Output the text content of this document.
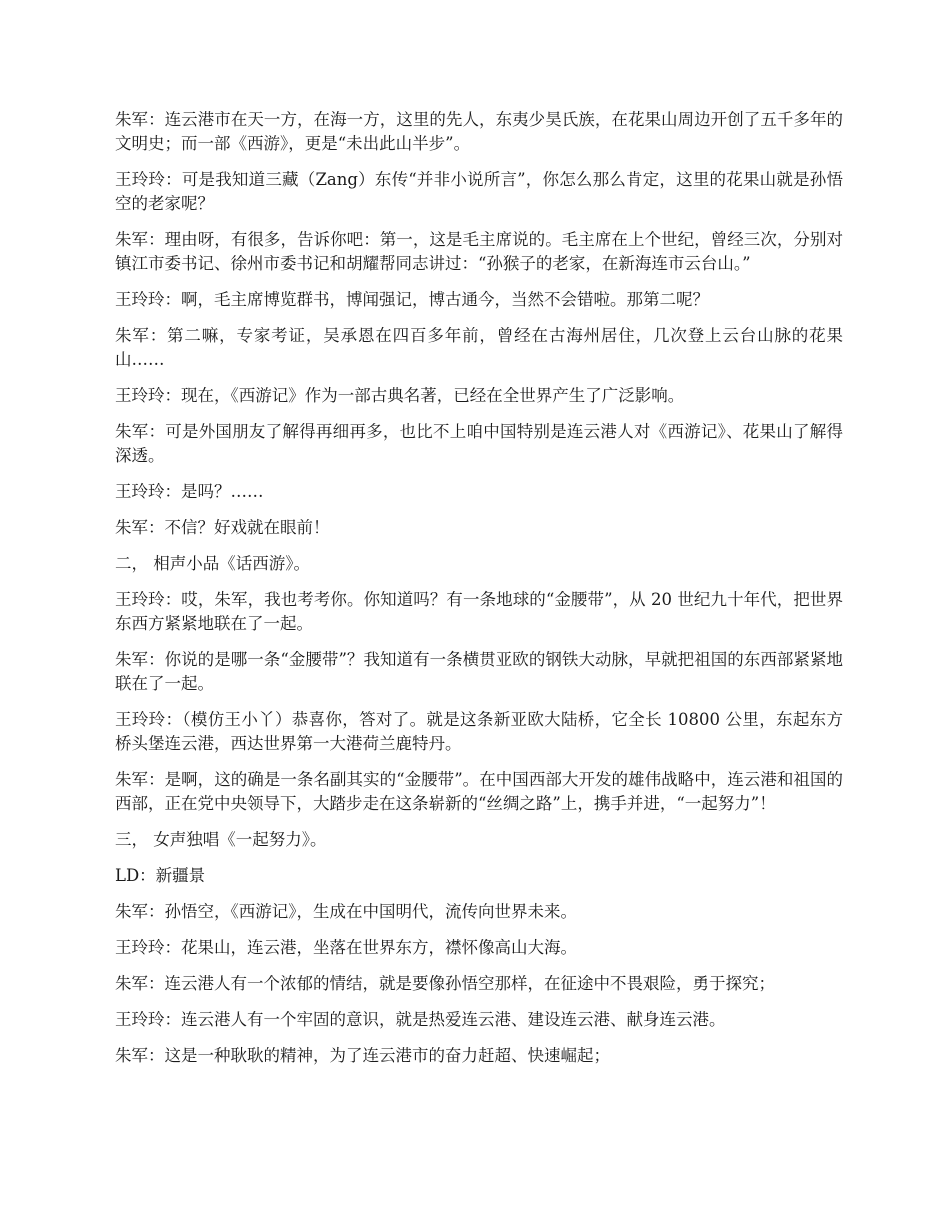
朱军：连云港市在天一方，在海一方，这里的先人，东夷少昊氏族，在花果山周边开创了五千多年的文明史；而一部《西游》，更是“未出此山半步”。

王玲玲：可是我知道三藏（Zang）东传“并非小说所言”，你怎么那么肯定，这里的花果山就是孙悟空的老家呢？

朱军：理由呀，有很多，告诉你吧：第一，这是毛主席说的。毛主席在上个世纪，曾经三次，分别对镇江市委书记、徐州市委书记和胡耀帮同志讲过：“孙猴子的老家，在新海连市云台山。”

王玲玲：啊，毛主席博览群书，博闻强记，博古通今，当然不会错啦。那第二呢？

朱军：第二嘛，专家考证，吴承恩在四百多年前，曾经在古海州居住，几次登上云台山脉的花果山……

王玲玲：现在，《西游记》作为一部古典名著，已经在全世界产生了广泛影响。

朱军：可是外国朋友了解得再细再多，也比不上咱中国特别是连云港人对《西游记》、花果山了解得深透。

王玲玲：是吗？……

朱军：不信？好戏就在眼前！

二， 相声小品《话西游》。

王玲玲：哎，朱军，我也考考你。你知道吗？有一条地球的“金腰带”，从 20 世纪九十年代，把世界东西方紧紧地联在了一起。

朱军：你说的是哪一条“金腰带”？我知道有一条横贯亚欧的钢铁大动脉，早就把祖国的东西部紧紧地联在了一起。

王玲玲：（模仿王小丫）恭喜你，答对了。就是这条新亚欧大陆桥，它全长 10800 公里，东起东方桥头堡连云港，西达世界第一大港荷兰鹿特丹。

朱军：是啊，这的确是一条名副其实的“金腰带”。在中国西部大开发的雄伟战略中，连云港和祖国的西部，正在党中央领导下，大踏步走在这条崭新的“丝绸之路”上，携手并进，“一起努力”！

三， 女声独唱《一起努力》。

LD：新疆景

朱军：孙悟空，《西游记》，生成在中国明代，流传向世界未来。

王玲玲：花果山，连云港，坐落在世界东方，襟怀像高山大海。

朱军：连云港人有一个浓郁的情结，就是要像孙悟空那样，在征途中不畏艰险，勇于探究；

王玲玲：连云港人有一个牢固的意识，就是热爱连云港、建设连云港、献身连云港。

朱军：这是一种耿耿的精神，为了连云港市的奋力赶超、快速崛起；
